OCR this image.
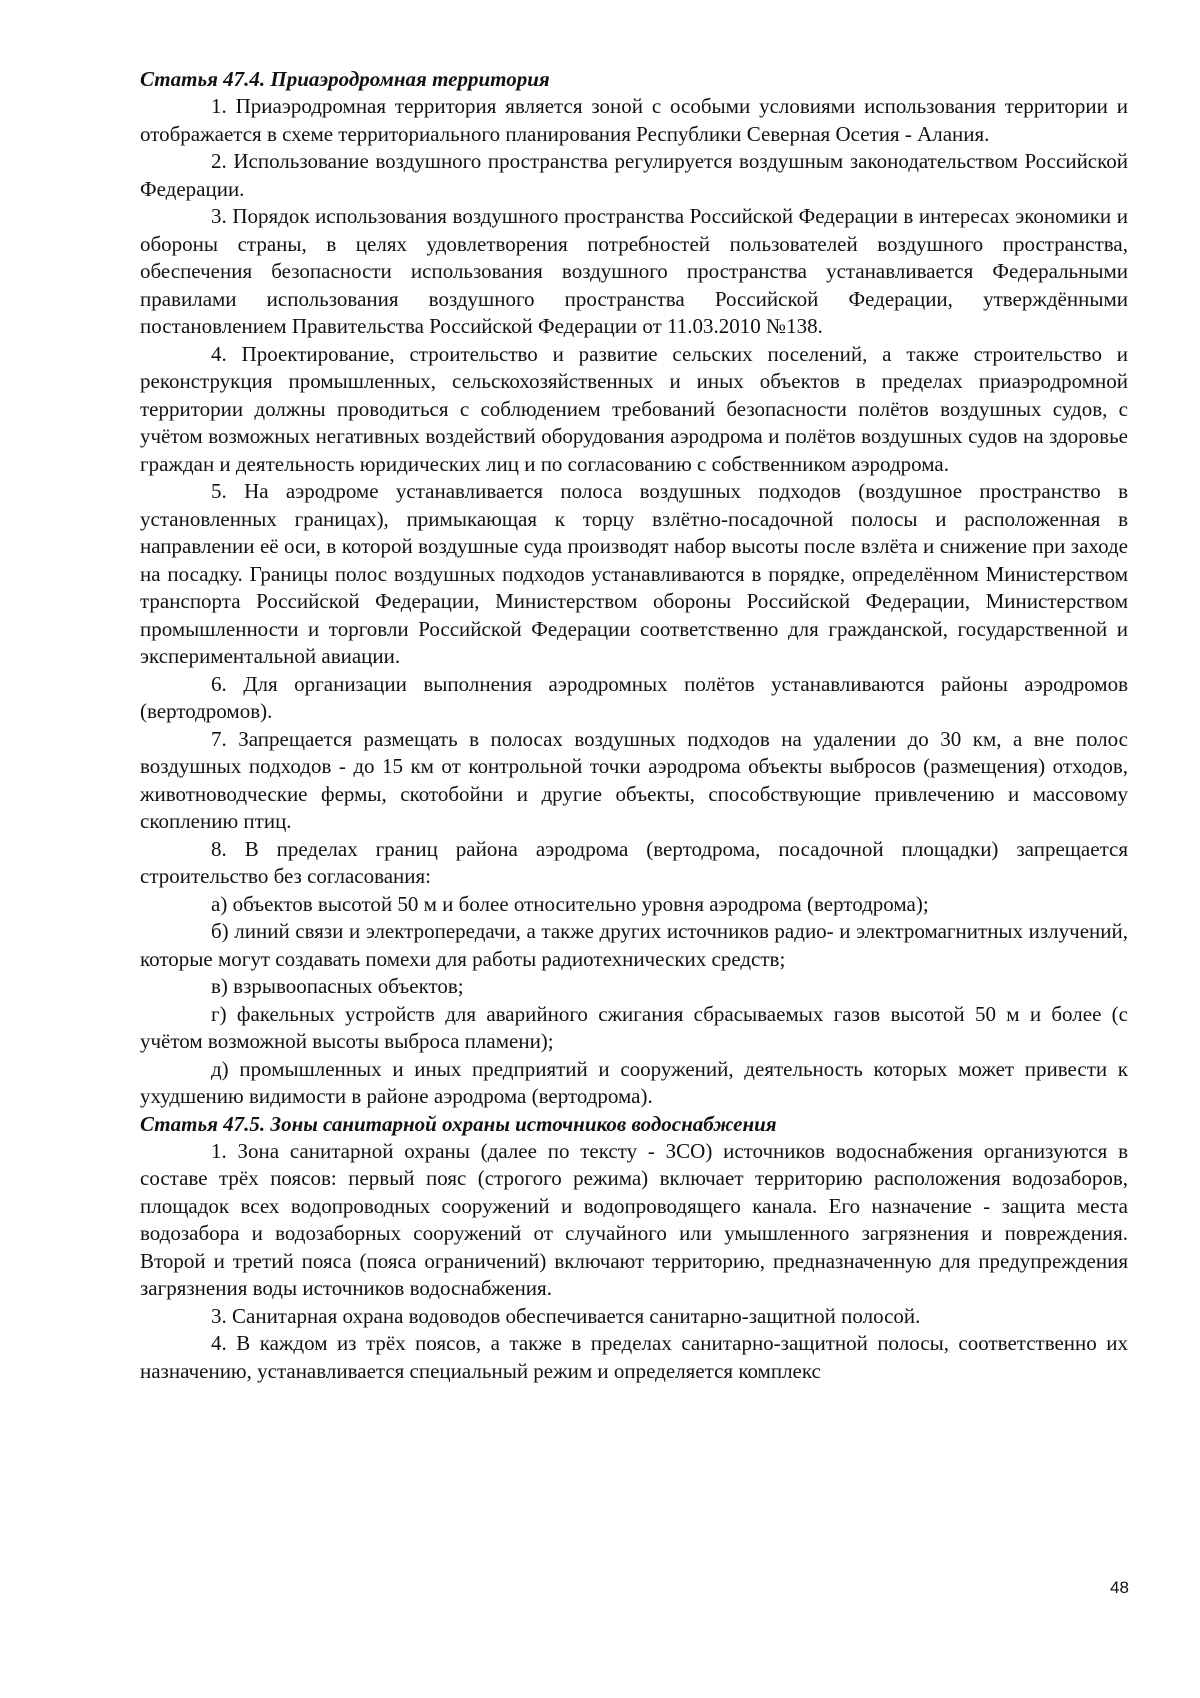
Статья 47.4. Приаэродромная территория

1. Приаэродромная территория является зоной с особыми условиями использования территории и отображается в схеме территориального планирования Республики Северная Осетия - Алания.

2. Использование воздушного пространства регулируется воздушным законодательством Российской Федерации.

3. Порядок использования воздушного пространства Российской Федерации в интересах экономики и обороны страны, в целях удовлетворения потребностей пользователей воздушного пространства, обеспечения безопасности использования воздушного пространства устанавливается Федеральными правилами использования воздушного пространства Российской Федерации, утверждёнными постановлением Правительства Российской Федерации от 11.03.2010 №138.

4. Проектирование, строительство и развитие сельских поселений, а также строительство и реконструкция промышленных, сельскохозяйственных и иных объектов в пределах приаэродромной территории должны проводиться с соблюдением требований безопасности полётов воздушных судов, с учётом возможных негативных воздействий оборудования аэродрома и полётов воздушных судов на здоровье граждан и деятельность юридических лиц и по согласованию с собственником аэродрома.

5. На аэродроме устанавливается полоса воздушных подходов (воздушное пространство в установленных границах), примыкающая к торцу взлётно-посадочной полосы и расположенная в направлении её оси, в которой воздушные суда производят набор высоты после взлёта и снижение при заходе на посадку. Границы полос воздушных подходов устанавливаются в порядке, определённом Министерством транспорта Российской Федерации, Министерством обороны Российской Федерации, Министерством промышленности и торговли Российской Федерации соответственно для гражданской, государственной и экспериментальной авиации.

6. Для организации выполнения аэродромных полётов устанавливаются районы аэродромов (вертодромов).

7. Запрещается размещать в полосах воздушных подходов на удалении до 30 км, а вне полос воздушных подходов - до 15 км от контрольной точки аэродрома объекты выбросов (размещения) отходов, животноводческие фермы, скотобойни и другие объекты, способствующие привлечению и массовому скоплению птиц.

8. В пределах границ района аэродрома (вертодрома, посадочной площадки) запрещается строительство без согласования:

а) объектов высотой 50 м и более относительно уровня аэродрома (вертодрома);

б) линий связи и электропередачи, а также других источников радио- и электромагнитных излучений, которые могут создавать помехи для работы радиотехнических средств;

в) взрывоопасных объектов;

г) факельных устройств для аварийного сжигания сбрасываемых газов высотой 50 м и более (с учётом возможной высоты выброса пламени);

д) промышленных и иных предприятий и сооружений, деятельность которых может привести к ухудшению видимости в районе аэродрома (вертодрома).

Статья 47.5. Зоны санитарной охраны источников водоснабжения

1. Зона санитарной охраны (далее по тексту - ЗСО) источников водоснабжения организуются в составе трёх поясов: первый пояс (строгого режима) включает территорию расположения водозаборов, площадок всех водопроводных сооружений и водопроводящего канала. Его назначение - защита места водозабора и водозаборных сооружений от случайного или умышленного загрязнения и повреждения. Второй и третий пояса (пояса ограничений) включают территорию, предназначенную для предупреждения загрязнения воды источников водоснабжения.

3. Санитарная охрана водоводов обеспечивается санитарно-защитной полосой.

4. В каждом из трёх поясов, а также в пределах санитарно-защитной полосы, соответственно их назначению, устанавливается специальный режим и определяется комплекс

48
